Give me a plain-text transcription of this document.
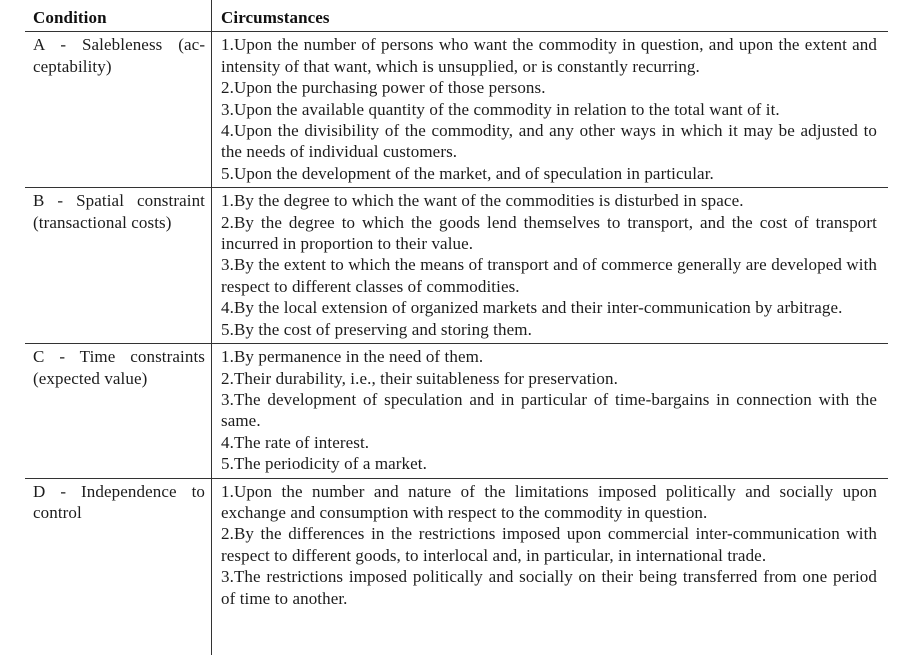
Condition	Circumstances

A - Salebleness (acceptability)

1.Upon the number of persons who want the commodity in question, and upon the extent and intensity of that want, which is unsupplied, or is constantly recurring.

2.Upon the purchasing power of those persons.

3.Upon the available quantity of the commodity in relation to the total want of it.

4.Upon the divisibility of the commodity, and any other ways in which it may be adjusted to the needs of individual customers.

5.Upon the development of the market, and of speculation in particular.

B - Spatial constraint (transactional costs)

1.By the degree to which the want of the commodities is disturbed in space.

2.By the degree to which the goods lend themselves to transport, and the cost of transport incurred in proportion to their value.

3.By the extent to which the means of transport and of commerce generally are developed with respect to different classes of commodities.

4.By the local extension of organized markets and their inter-communication by arbitrage.

5.By the cost of preserving and storing them.

C - Time constraints (expected value)

1.By permanence in the need of them.

2.Their durability, i.e., their suitableness for preservation.

3.The development of speculation and in particular of time-bargains in connection with the same.

4.The rate of interest.

5.The periodicity of a market.

D - Independence to control

1.Upon the number and nature of the limitations imposed politically and socially upon exchange and consumption with respect to the commodity in question.

2.By the differences in the restrictions imposed upon commercial inter-communication with respect to different goods, to interlocal and, in particular, in international trade.

3.The restrictions imposed politically and socially on their being transferred from one period of time to another.
